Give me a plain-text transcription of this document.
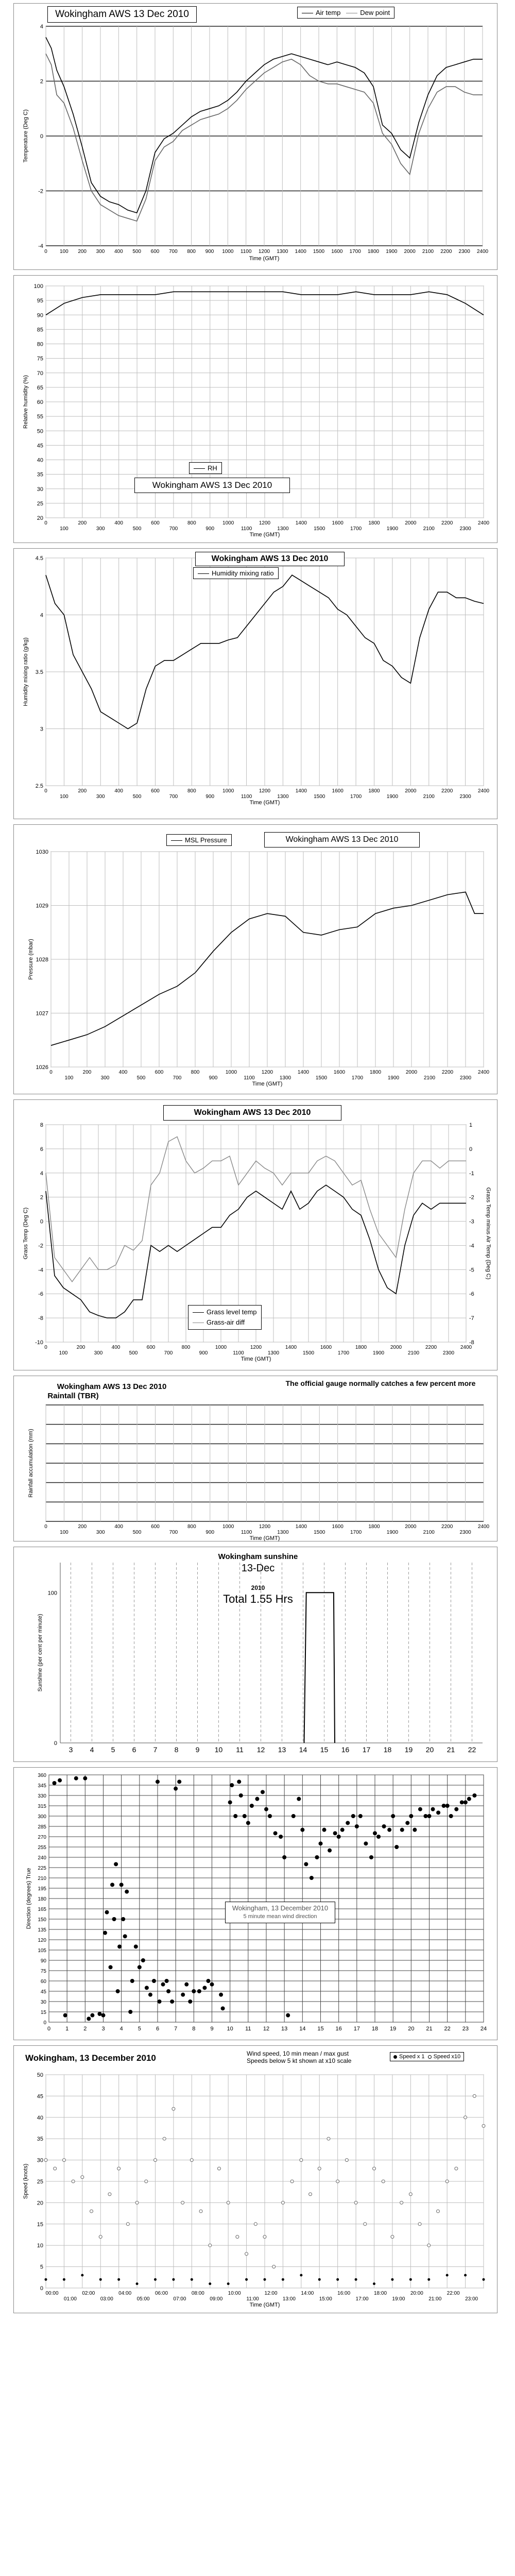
-4
-2
0
2
4
0 100 200 300 400 500 600 700 800 900 1000 1100 1200 1300 1400 1500 1600 1700 1800 1900 2000 2100 2200 2300 2400
Time (GMT)
Temperature (Deg C)
Wokingham AWS 13 Dec 2010	Air temp	Dew point
20
25
30
35
40
45
50
55
60
65
70
75
80
85
90
95
100
0
100
200
300
400
500
600
700
800
900
1000
1100
1200
1300
1400
1500
1600
1700
1800
1900
2000
2100
2200
2300
2400
Time (GMT)
Relative humidity (%)
RH
Wokingham AWS 13 Dec 2010
2.5
3
3.5
4
4.5
0
100
200
300
400
500
600
700
800
900
1000
1100
1200
1300
1400
1500
1600
1700
1800
1900
2000
2100
2200
2300
2400
Time (GMT)
Humidity mixing ratio (g/kg)
Wokingham AWS 13 Dec 2010
Humidity mixing ratio
1026
1027
1028
1029
1030
0
100
200
300
400
500
600
700
800
900
1000
1100
1200
1300
1400
1500
1600
1700
1800
1900
2000
2100
2200
2300
2400
Time (GMT)
Pressure (mbar)
MSL Pressure	Wokingham AWS 13 Dec 2010
-10
-8
-6
-4
-2
0
2
4
6
8
0
100
200
300
400
500
600
700
800
900
1000
1100
1200
1300
1400
1500
1600
1700
1800
1900
2000
2100
2200
2300
2400
Time (GMT)
Grass Temp (Deg C)
-8
-7
-6
-5
-4
-3
-2
-1
0
1
Grass Temp minus Air Temp (Deg C)
Wokingham AWS 13 Dec 2010
Grass level temp
Grass-air diff
0
100
200
300
400
500
600
700
800
900
1000
1100
1200
1300
1400
1500
1600
1700
1800
1900
2000
2100
2200
2300
2400
Time (GMT)
Rainfall accumulation (mm)
Wokingham AWS 13 Dec 2010
Raintall (TBR)
The official gauge normally catches a few percent more
3 4 5 6 7 8 9 10 11 12 13 14 15 16 17 18 19 20 21 22
0
100
Sunshine (per cent per minute)
Wokingham sunshine
13-Dec
2010
Total 1.55 Hrs
0
15
30
45
60
75
90
105
120
135
150
165
180
195
210
225
240
255
270
285
300
315
330
345
360
0	1	2	3	4	5	6	7	8	9 10 11 12 13 14 15 16 17 18 19 20 21 22 23 24
Direction (degrees) True	Wokingham, 13 December 2010
5 minute mean wind direction
0
5
10
15
20
25
30
35
40
45
50
00:00
01:00
02:00
03:00
04:00
05:00
06:00
07:00
08:00
09:00
10:00
11:00
12:00
13:00
14:00
15:00
16:00
17:00
18:00
19:00
20:00
21:00
22:00
23:00
Time (GMT)
Speed (knots)
Wokingham, 13 December 2010	Wind speed, 10 min mean / max gust
Speeds below 5 kt shown at x10 scale
Speed x 1 Speed x10
